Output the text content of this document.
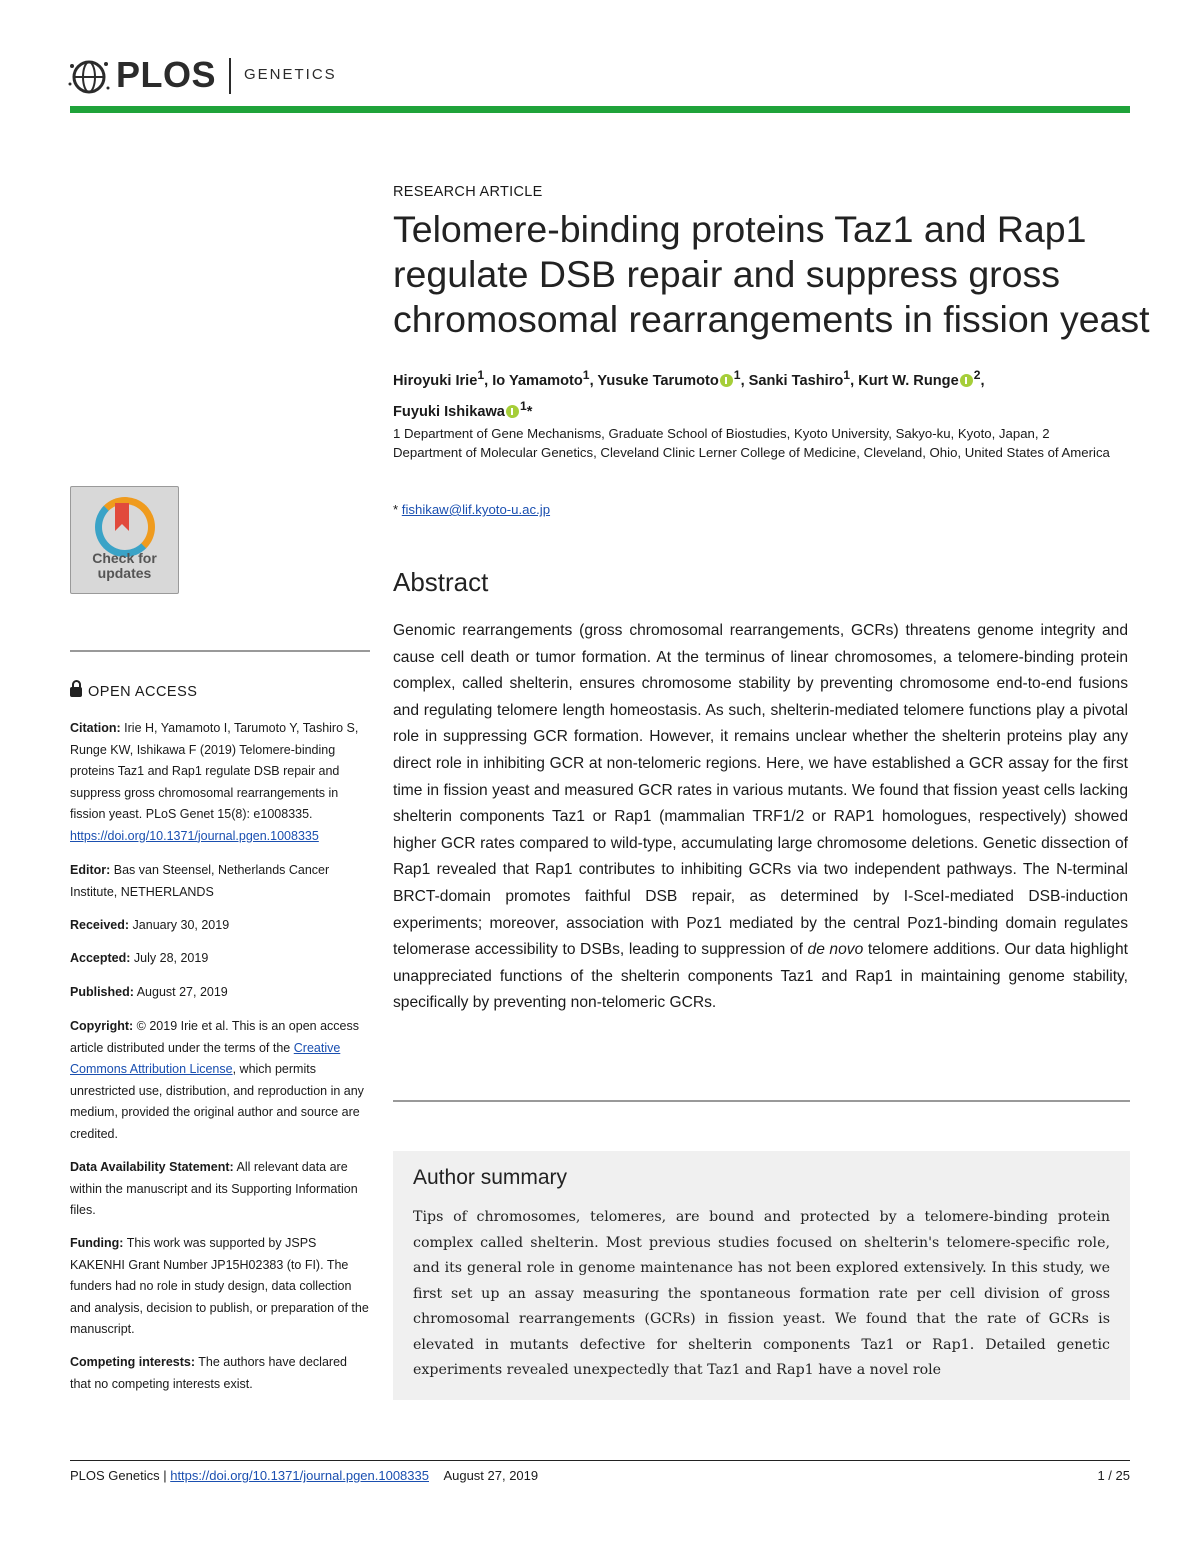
PLOS GENETICS
RESEARCH ARTICLE
Telomere-binding proteins Taz1 and Rap1 regulate DSB repair and suppress gross chromosomal rearrangements in fission yeast
Hiroyuki Irie$^1$, Io Yamamoto$^1$, Yusuke Tarumoto $^1$, Sanki Tashiro$^1$, Kurt W. Runge $^2$,
Fuyuki Ishikawa $^1$*
1 Department of Gene Mechanisms, Graduate School of Biostudies, Kyoto University, Sakyo-ku, Kyoto, Japan, 2 Department of Molecular Genetics, Cleveland Clinic Lerner College of Medicine, Cleveland, Ohio, United States of America
* fishikaw@lif.kyoto-u.ac.jp
Abstract
Genomic rearrangements (gross chromosomal rearrangements, GCRs) threatens genome integrity and cause cell death or tumor formation. At the terminus of linear chromosomes, a telomere-binding protein complex, called shelterin, ensures chromosome stability by preventing chromosome end-to-end fusions and regulating telomere length homeostasis. As such, shelterin-mediated telomere functions play a pivotal role in suppressing GCR formation. However, it remains unclear whether the shelterin proteins play any direct role in inhibiting GCR at non-telomeric regions. Here, we have established a GCR assay for the first time in fission yeast and measured GCR rates in various mutants. We found that fission yeast cells lacking shelterin components Taz1 or Rap1 (mammalian TRF1/2 or RAP1 homologues, respectively) showed higher GCR rates compared to wild-type, accumulating large chromosome deletions. Genetic dissection of Rap1 revealed that Rap1 contributes to inhibiting GCRs via two independent pathways. The N-terminal BRCT-domain promotes faithful DSB repair, as determined by I-SceI-mediated DSB-induction experiments; moreover, association with Poz1 mediated by the central Poz1-binding domain regulates telomerase accessibility to DSBs, leading to suppression of de novo telomere additions. Our data highlight unappreciated functions of the shelterin components Taz1 and Rap1 in maintaining genome stability, specifically by preventing non-telomeric GCRs.
Author summary
Tips of chromosomes, telomeres, are bound and protected by a telomere-binding protein complex called shelterin. Most previous studies focused on shelterin's telomere-specific role, and its general role in genome maintenance has not been explored extensively. In this study, we first set up an assay measuring the spontaneous formation rate per cell division of gross chromosomal rearrangements (GCRs) in fission yeast. We found that the rate of GCRs is elevated in mutants defective for shelterin components Taz1 or Rap1. Detailed genetic experiments revealed unexpectedly that Taz1 and Rap1 have a novel role
Check for
updates
OPEN ACCESS
Citation: Irie H, Yamamoto I, Tarumoto Y, Tashiro S, Runge KW, Ishikawa F (2019) Telomere-binding proteins Taz1 and Rap1 regulate DSB repair and suppress gross chromosomal rearrangements in fission yeast. PLoS Genet 15(8): e1008335. https://doi.org/10.1371/journal.pgen.1008335
Editor: Bas van Steensel, Netherlands Cancer Institute, NETHERLANDS
Received: January 30, 2019
Accepted: July 28, 2019
Published: August 27, 2019
Copyright: © 2019 Irie et al. This is an open access article distributed under the terms of the Creative Commons Attribution License, which permits unrestricted use, distribution, and reproduction in any medium, provided the original author and source are credited.
Data Availability Statement: All relevant data are within the manuscript and its Supporting Information files.
Funding: This work was supported by JSPS KAKENHI Grant Number JP15H02383 (to FI). The funders had no role in study design, data collection and analysis, decision to publish, or preparation of the manuscript.
Competing interests: The authors have declared that no competing interests exist.
PLOS Genetics | https://doi.org/10.1371/journal.pgen.1008335 August 27, 2019	1 / 25
